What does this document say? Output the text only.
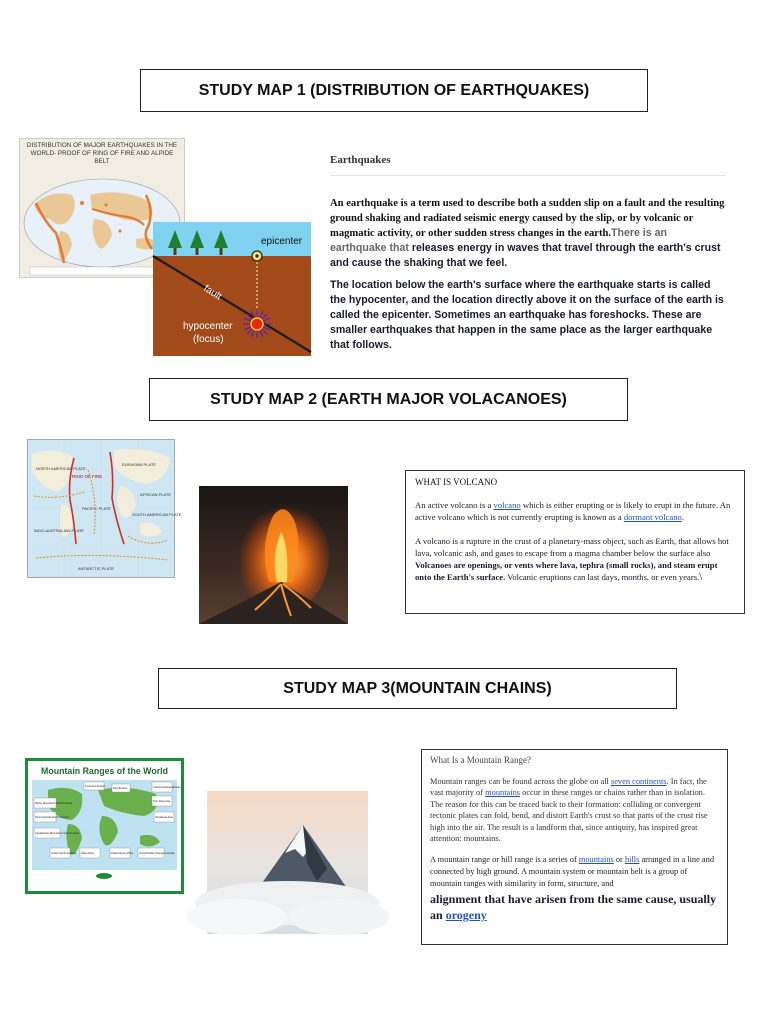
STUDY MAP 1 (DISTRIBUTION OF EARTHQUAKES)
DISTRIBUTION OF MAJOR EARTHQUAKES IN THE WORLD- PROOF OF RING OF FIRE AND ALPIDE BELT
epicenter
fault
hypocenter
(focus)
Earthquakes

An earthquake is a term used to describe both a sudden slip on a fault and the resulting ground shaking and radiated seismic energy caused by the slip, or by volcanic or magmatic activity, or other sudden stress changes in the earth.There is an earthquake that releases energy in waves that travel through the earth's crust and cause the shaking that we feel.

The location below the earth's surface where the earthquake starts is called the hypocenter, and the location directly above it on the surface of the earth is called the epicenter. Sometimes an earthquake has foreshocks. These are smaller earthquakes that happen in the same place as the larger earthquake that follows.

STUDY MAP 2 (EARTH MAJOR VOLACANOES)
RING OF FIRE
EURASIAN PLATE
PACIFIC PLATE
INDO-AUSTRALIAN PLATE
NORTH AMERICAN PLATE
SOUTH AMERICAN PLATE
AFRICAN PLATE
ANTARCTIC PLATE
WHAT IS VOLCANO

An active volcano is a volcano which is either erupting or is likely to erupt in the future. An active volcano which is not currently erupting is known as a dormant volcano.

A volcano is a rupture in the crust of a planetary-mass object, such as Earth, that allows hot lava, volcanic ash, and gases to escape from a magma chamber below the surface also Volcanoes are openings, or vents where lava, tephra (small rocks), and steam erupt onto the Earth's surface. Volcanic eruptions can last days, months, or even years.\

STUDY MAP 3(MOUNTAIN CHAINS)
Mountain Ranges of the World
Rocky Mountains North America
Sierra Nevada North America
Appalachian Mountains North America
Andes South America
Pyrenees Europe
Alps Europe
Atlas Africa	Drakensberg Africa
Ural Russia/Kazakhstan
Tian Shan Asia
Himalayas Asia
Great Dividing Range Australia
What Is a Mountain Range?

Mountain ranges can be found across the globe on all seven continents. In fact, the vast majority of mountains occur in these ranges or chains rather than in isolation. The reason for this can be traced back to their formation: colliding or convergent tectonic plates can fold, bend, and distort Earth's crust so that parts of the crust rise high into the air. The result is a landform that, since antiquity, has inspired great attention: mountains.

A mountain range or hill range is a series of mountains or hills arranged in a line and connected by high ground. A mountain system or mountain belt is a group of mountain ranges with similarity in form, structure, and

alignment that have arisen from the same cause, usually an orogeny
